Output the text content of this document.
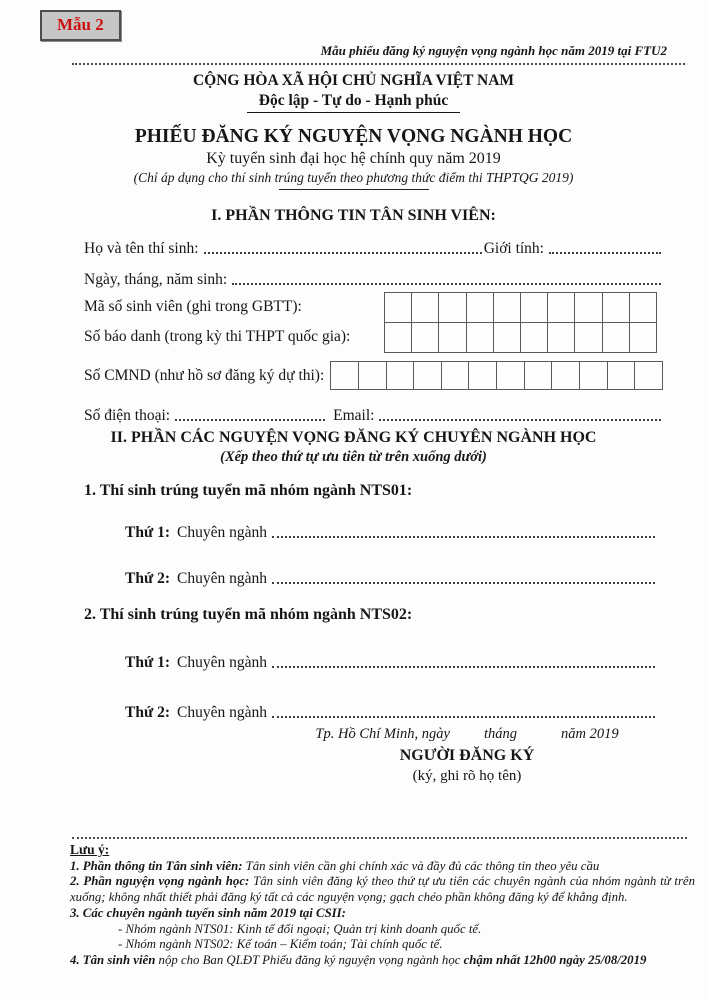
Mẫu 2
Mẫu phiếu đăng ký nguyện vọng ngành học năm 2019 tại FTU2
CỘNG HÒA XÃ HỘI CHỦ NGHĨA VIỆT NAM
Độc lập - Tự do - Hạnh phúc
PHIẾU ĐĂNG KÝ NGUYỆN VỌNG NGÀNH HỌC
Kỳ tuyển sinh đại học hệ chính quy năm 2019
(Chỉ áp dụng cho thí sinh trúng tuyển theo phương thức điểm thi THPTQG 2019)
I. PHẦN THÔNG TIN TÂN SINH VIÊN:
Họ và tên thí sinh:	Giới tính:
Ngày, tháng, năm sinh:
Mã số sinh viên (ghi trong GBTT):
Số báo danh (trong kỳ thi THPT quốc gia):
Số CMND (như hồ sơ đăng ký dự thi):
Số điện thoại:	Email:
II. PHẦN CÁC NGUYỆN VỌNG ĐĂNG KÝ CHUYÊN NGÀNH HỌC
(Xếp theo thứ tự ưu tiên từ trên xuống dưới)
1. Thí sinh trúng tuyển mã nhóm ngành NTS01:
Thứ 1: Chuyên ngành
Thứ 2: Chuyên ngành
2. Thí sinh trúng tuyển mã nhóm ngành NTS02:
Thứ 1: Chuyên ngành
Thứ 2: Chuyên ngành
Tp. Hồ Chí Minh, ngày tháng	năm 2019
NGƯỜI ĐĂNG KÝ
(ký, ghi rõ họ tên)
Lưu ý:
1. Phần thông tin Tân sinh viên: Tân sinh viên cần ghi chính xác và đầy đủ các thông tin theo yêu cầu
2. Phần nguyện vọng ngành học: Tân sinh viên đăng ký theo thứ tự ưu tiên các chuyên ngành của nhóm ngành từ trên xuống; không nhất thiết phải đăng ký tất cả các nguyện vọng; gạch chéo phần không đăng ký để khẳng định.
3. Các chuyên ngành tuyển sinh năm 2019 tại CSII:
- Nhóm ngành NTS01: Kinh tế đối ngoại; Quản trị kinh doanh quốc tế.
- Nhóm ngành NTS02: Kế toán – Kiểm toán; Tài chính quốc tế.
4. Tân sinh viên nộp cho Ban QLĐT Phiếu đăng ký nguyện vọng ngành học chậm nhất 12h00 ngày 25/08/2019
